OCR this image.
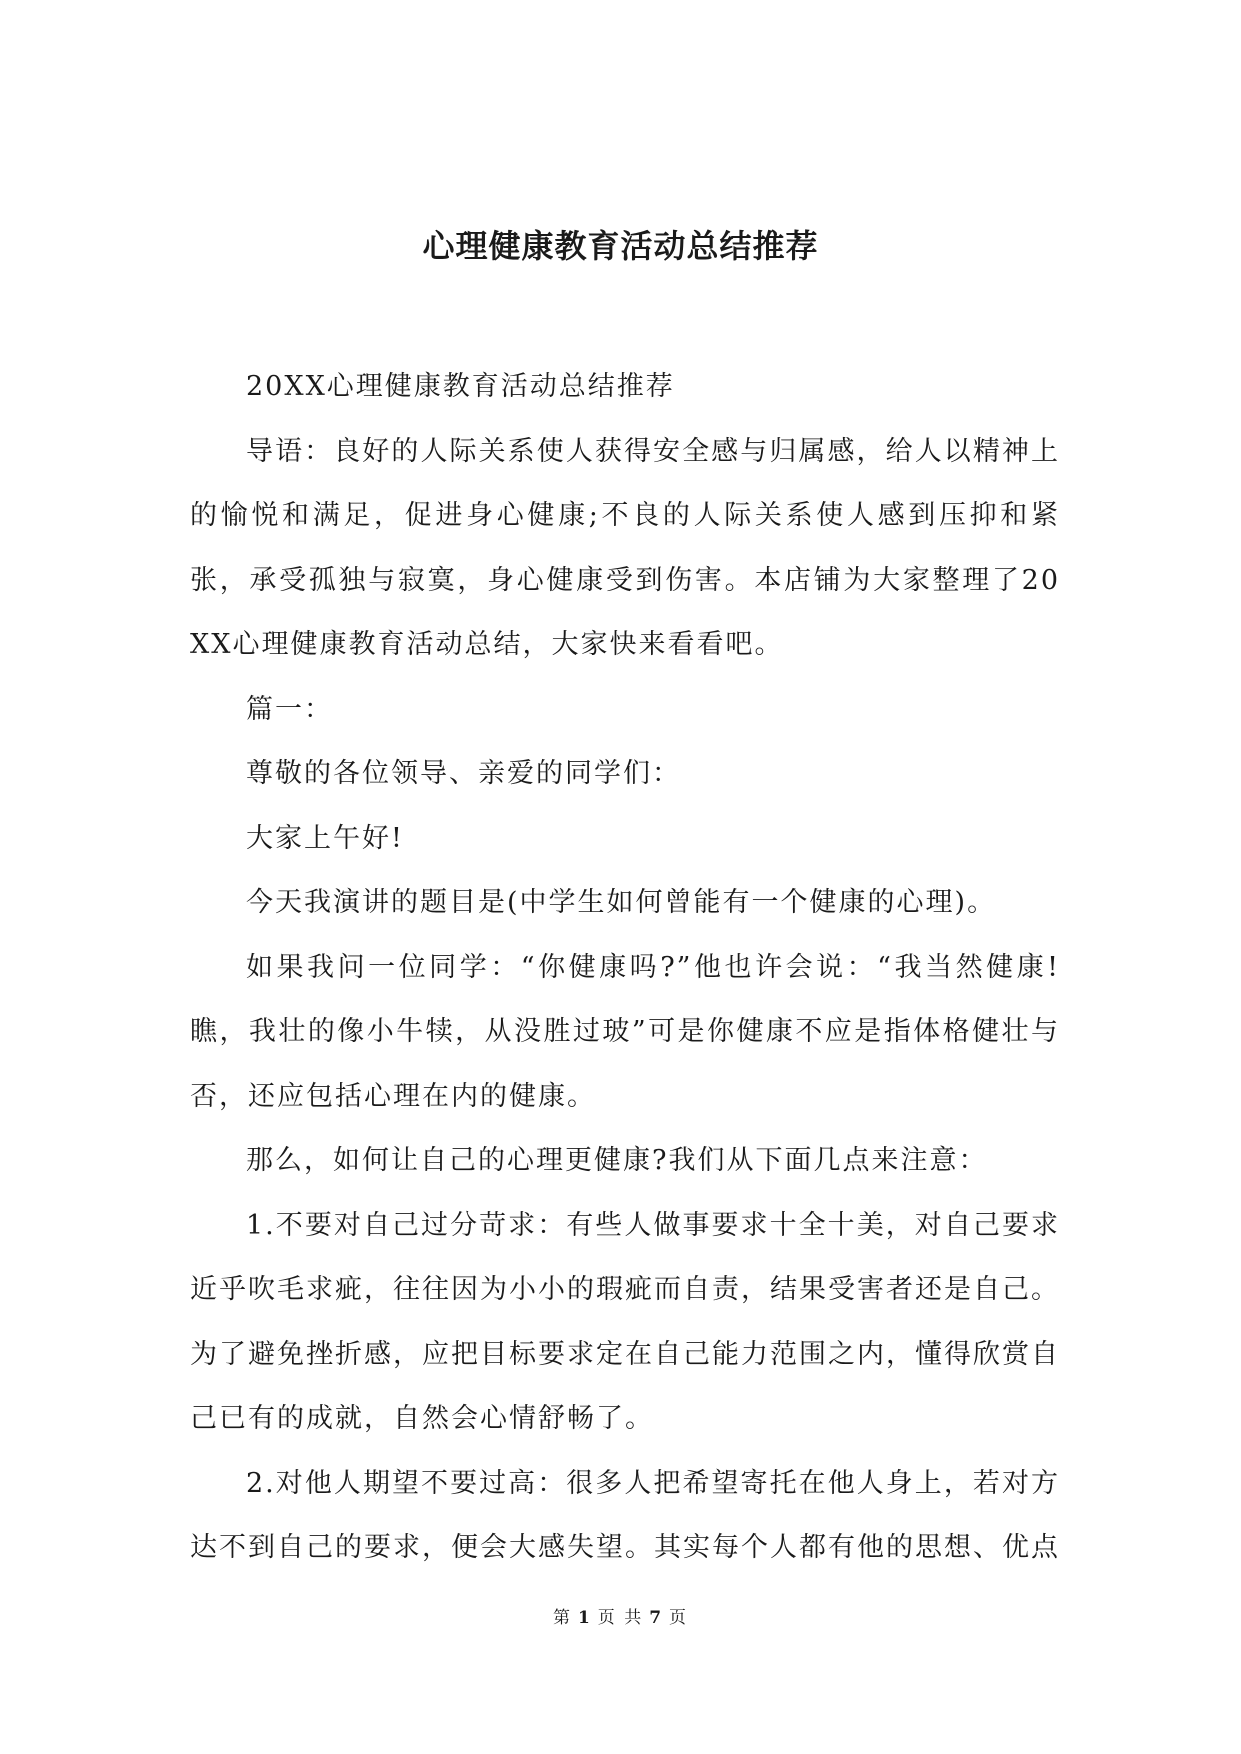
心理健康教育活动总结推荐

20XX心理健康教育活动总结推荐

导语：良好的人际关系使人获得安全感与归属感，给人以精神上的愉悦和满足，促进身心健康;不良的人际关系使人感到压抑和紧张，承受孤独与寂寞，身心健康受到伤害。本店铺为大家整理了20XX心理健康教育活动总结，大家快来看看吧。

篇一：

尊敬的各位领导、亲爱的同学们：

大家上午好!

今天我演讲的题目是(中学生如何曾能有一个健康的心理)。

如果我问一位同学：“你健康吗?”他也许会说：“我当然健康!瞧，我壮的像小牛犊，从没胜过玻”可是你健康不应是指体格健壮与否，还应包括心理在内的健康。

那么，如何让自己的心理更健康?我们从下面几点来注意：

1.不要对自己过分苛求：有些人做事要求十全十美，对自己要求近乎吹毛求疵，往往因为小小的瑕疵而自责，结果受害者还是自己。为了避免挫折感，应把目标要求定在自己能力范围之内，懂得欣赏自己已有的成就，自然会心情舒畅了。

2.对他人期望不要过高：很多人把希望寄托在他人身上，若对方达不到自己的要求，便会大感失望。其实每个人都有他的思想、优点

第 1 页 共 7 页
